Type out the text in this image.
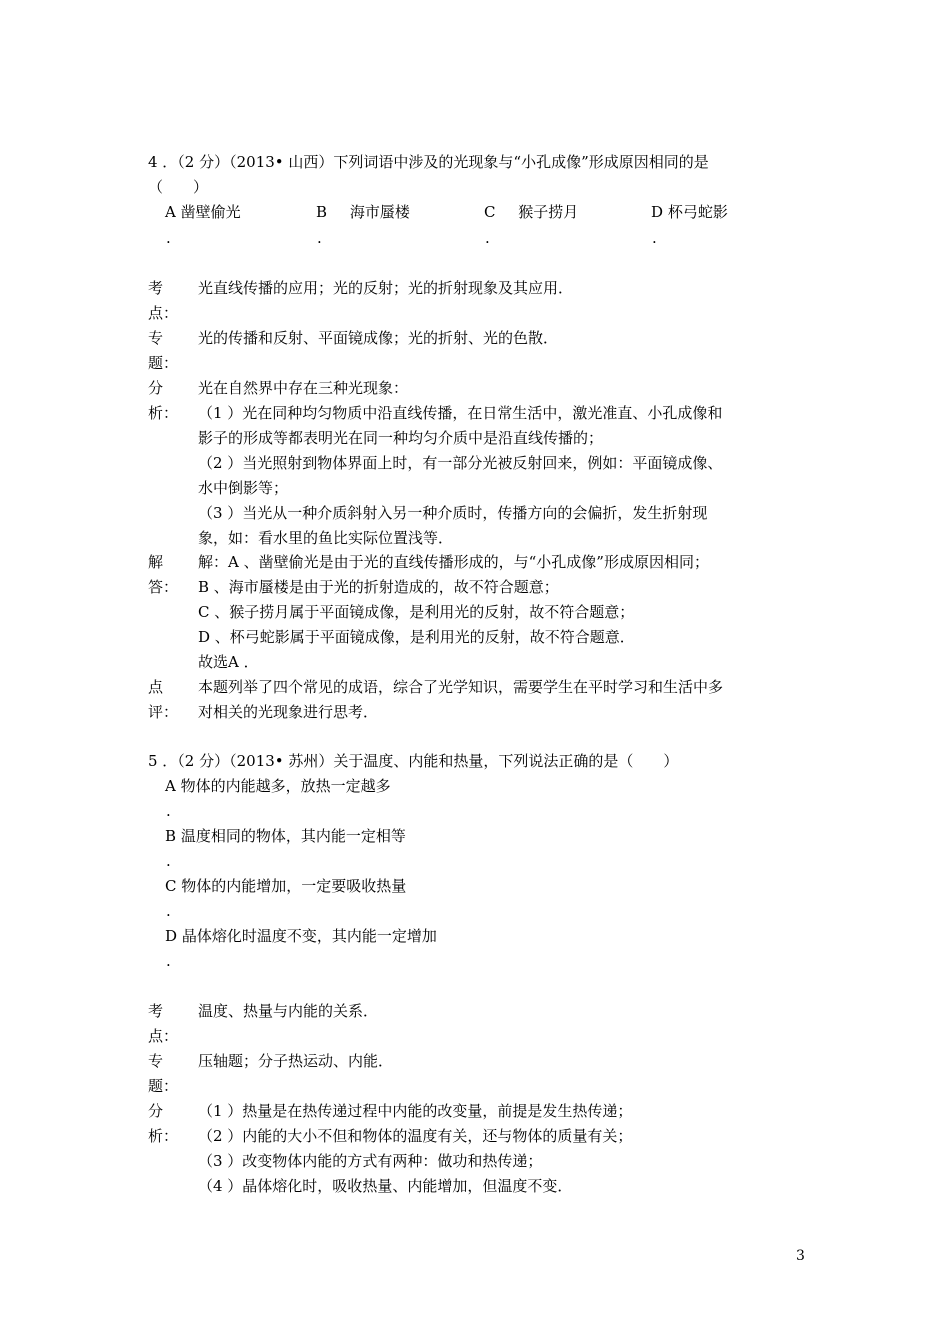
4 ．（2 分）（2013• 山西）下列词语中涉及的光现象与“小孔成像”形成原因相同的是
（　　）
A 凿壁偷光
.
B 海市蜃楼
.
C 猴子捞月
.
D 杯弓蛇影
.
考
点：
光直线传播的应用；光的反射；光的折射现象及其应用．
专
题：
光的传播和反射、平面镜成像；光的折射、光的色散．
分
析：
光在自然界中存在三种光现象：
（1 ）光在同种均匀物质中沿直线传播，在日常生活中，激光准直、小孔成像和
影子的形成等都表明光在同一种均匀介质中是沿直线传播的；
（2 ）当光照射到物体界面上时，有一部分光被反射回来，例如：平面镜成像、
水中倒影等；
（3 ）当光从一种介质斜射入另一种介质时，传播方向的会偏折，发生折射现
象，如：看水里的鱼比实际位置浅等．
解
答：
解：A 、凿壁偷光是由于光的直线传播形成的，与“小孔成像”形成原因相同；
B 、海市蜃楼是由于光的折射造成的，故不符合题意；
C 、猴子捞月属于平面镜成像，是利用光的反射，故不符合题意；
D 、杯弓蛇影属于平面镜成像，是利用光的反射，故不符合题意．
故选A ．
点
评：
本题列举了四个常见的成语，综合了光学知识，需要学生在平时学习和生活中多
对相关的光现象进行思考．
5 ．（2 分）（2013• 苏州）关于温度、内能和热量，下列说法正确的是（　　）
A 物体的内能越多，放热一定越多
.
B 温度相同的物体，其内能一定相等
.
C 物体的内能增加，一定要吸收热量
.
D 晶体熔化时温度不变，其内能一定增加
.
考
点：
温度、热量与内能的关系．
专
题：
压轴题；分子热运动、内能．
分
析：
（1 ）热量是在热传递过程中内能的改变量，前提是发生热传递；
（2 ）内能的大小不但和物体的温度有关，还与物体的质量有关；
（3 ）改变物体内能的方式有两种：做功和热传递；
（4 ）晶体熔化时，吸收热量、内能增加，但温度不变．
3
